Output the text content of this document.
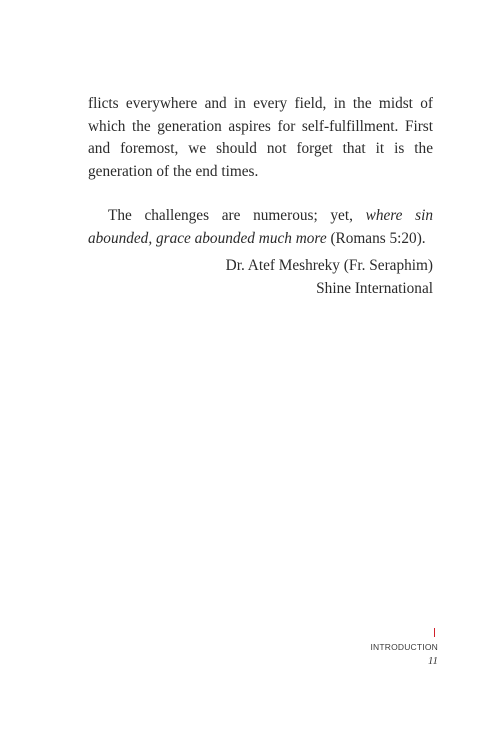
flicts everywhere and in every field, in the midst of which the generation aspires for self-fulfillment. First and foremost, we should not forget that it is the generation of the end times.

The challenges are numerous; yet, where sin abounded, grace abounded much more (Romans 5:20).

Dr. Atef Meshreky (Fr. Seraphim)
Shine International
INTRODUCTION
11
